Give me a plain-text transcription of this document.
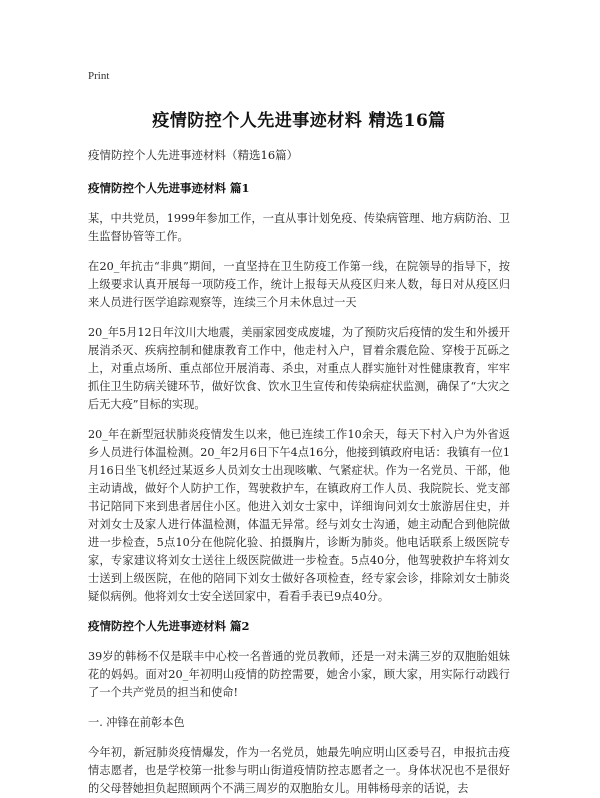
Print
疫情防控个人先进事迹材料 精选16篇
疫情防控个人先进事迹材料（精选16篇）
疫情防控个人先进事迹材料 篇1

某，中共党员，1999年参加工作，一直从事计划免疫、传染病管理、地方病防治、卫生监督协管等工作。

在20_年抗击“非典”期间，一直坚持在卫生防疫工作第一线，在院领导的指导下，按上级要求认真开展每一项防疫工作，统计上报每天从疫区归来人数，每日对从疫区归来人员进行医学追踪观察等，连续三个月未休息过一天

20_年5月12日年汶川大地震，美丽家园变成废墟，为了预防灾后疫情的发生和外援开展消杀灭、疾病控制和健康教育工作中，他走村入户，冒着余震危险、穿梭于瓦砾之上，对重点场所、重点部位开展消毒、杀虫，对重点人群实施针对性健康教育，牢牢抓住卫生防病关键环节，做好饮食、饮水卫生宣传和传染病症状监测，确保了“大灾之后无大疫”目标的实现。

20_年在新型冠状肺炎疫情发生以来，他已连续工作10余天，每天下村入户为外省返乡人员进行体温检测。20_年2月6日下午4点16分，他接到镇政府电话：我镇有一位1月16日坐飞机经过某返乡人员刘女士出现咳嗽、气紧症状。作为一名党员、干部，他主动请战，做好个人防护工作，驾驶救护车，在镇政府工作人员、我院院长、党支部书记陪同下来到患者居住小区。他进入刘女士家中，详细询问刘女士旅游居住史，并对刘女士及家人进行体温检测，体温无异常。经与刘女士沟通，她主动配合到他院做进一步检查，5点10分在他院化验、拍摄胸片，诊断为肺炎。他电话联系上级医院专家，专家建议将刘女士送往上级医院做进一步检查。5点40分，他驾驶救护车将刘女士送到上级医院，在他的陪同下刘女士做好各项检查，经专家会诊，排除刘女士肺炎疑似病例。他将刘女士安全送回家中，看看手表已9点40分。

疫情防控个人先进事迹材料 篇2

39岁的韩杨不仅是联丰中心校一名普通的党员教师，还是一对未满三岁的双胞胎姐妹花的妈妈。面对20_年初明山疫情的防控需要，她舍小家，顾大家，用实际行动践行了一个共产党员的担当和使命!

一. 冲锋在前彰本色

今年初，新冠肺炎疫情爆发，作为一名党员，她最先响应明山区委号召，申报抗击疫情志愿者，也是学校第一批参与明山街道疫情防控志愿者之一。身体状况也不是很好的父母替她担负起照顾两个不满三周岁的双胞胎女儿。用韩杨母亲的话说，去
